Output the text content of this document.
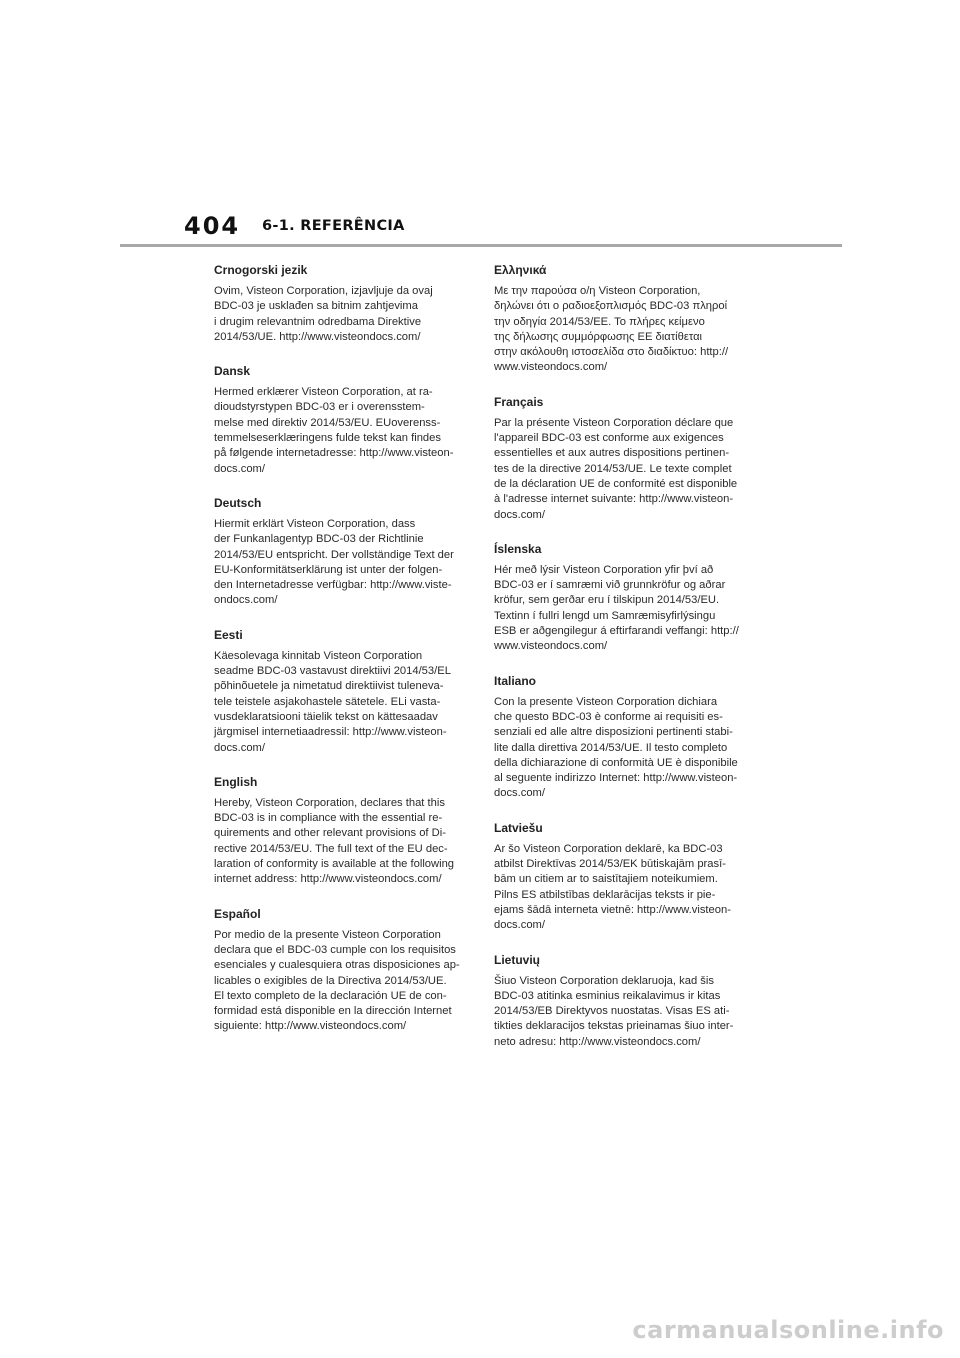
404 6-1. REFERÊNCIA
Crnogorski jezik

Ovim, Visteon Corporation, izjavljuje da ovaj
BDC-03 je usklađen sa bitnim zahtjevima
i drugim relevantnim odredbama Direktive
2014/53/UE. http://www.visteondocs.com/

Dansk

Hermed erklærer Visteon Corporation, at ra-
dioudstyrstypen BDC-03 er i overensstem-
melse med direktiv 2014/53/EU. EUoverenss-
temmelseserklæringens fulde tekst kan findes
på følgende internetadresse: http://www.visteon-
docs.com/

Deutsch

Hiermit erklärt Visteon Corporation, dass
der Funkanlagentyp BDC-03 der Richtlinie
2014/53/EU entspricht. Der vollständige Text der
EU-Konformitätserklärung ist unter der folgen-
den Internetadresse verfügbar: http://www.viste-
ondocs.com/

Eesti

Käesolevaga kinnitab Visteon Corporation
seadme BDC-03 vastavust direktiivi 2014/53/EL
põhinõuetele ja nimetatud direktiivist tuleneva-
tele teistele asjakohastele sätetele. ELi vasta-
vusdeklaratsiooni täielik tekst on kättesaadav
järgmisel internetiaadressil: http://www.visteon-
docs.com/

English

Hereby, Visteon Corporation, declares that this
BDC-03 is in compliance with the essential re-
quirements and other relevant provisions of Di-
rective 2014/53/EU. The full text of the EU dec-
laration of conformity is available at the following
internet address: http://www.visteondocs.com/

Español

Por medio de la presente Visteon Corporation
declara que el BDC-03 cumple con los requisitos
esenciales y cualesquiera otras disposiciones ap-
licables o exigibles de la Directiva 2014/53/UE.
El texto completo de la declaración UE de con-
formidad está disponible en la dirección Internet
siguiente: http://www.visteondocs.com/

Ελληνικά

Με την παρούσα ο/η Visteon Corporation,
δηλώνει ότι ο ραδιοεξοπλισμός BDC-03 πληροί
την οδηγία 2014/53/ΕΕ. Το πλήρες κείμενο
της δήλωσης συμμόρφωσης ΕΕ διατίθεται
στην ακόλουθη ιστοσελίδα στο διαδίκτυο: http://
www.visteondocs.com/

Français

Par la présente Visteon Corporation déclare que
l'appareil BDC-03 est conforme aux exigences
essentielles et aux autres dispositions pertinen-
tes de la directive 2014/53/UE. Le texte complet
de la déclaration UE de conformité est disponible
à l'adresse internet suivante: http://www.visteon-
docs.com/

Íslenska

Hér með lýsir Visteon Corporation yfir því að
BDC-03 er í samræmi við grunnkröfur og aðrar
kröfur, sem gerðar eru í tilskipun 2014/53/EU.
Textinn í fullri lengd um Samræmisyfirlýsingu
ESB er aðgengilegur á eftirfarandi veffangi: http://
www.visteondocs.com/

Italiano

Con la presente Visteon Corporation dichiara
che questo BDC-03 è conforme ai requisiti es-
senziali ed alle altre disposizioni pertinenti stabi-
lite dalla direttiva 2014/53/UE. Il testo completo
della dichiarazione di conformità UE è disponibile
al seguente indirizzo Internet: http://www.visteon-
docs.com/

Latviešu

Ar šo Visteon Corporation deklarē, ka BDC-03
atbilst Direktīvas 2014/53/EK būtiskajām prasī-
bām un citiem ar to saistītajiem noteikumiem.
Pilns ES atbilstības deklarācijas teksts ir pie-
ejams šādā interneta vietnē: http://www.visteon-
docs.com/

Lietuvių

Šiuo Visteon Corporation deklaruoja, kad šis
BDC-03 atitinka esminius reikalavimus ir kitas
2014/53/EB Direktyvos nuostatas. Visas ES ati-
tikties deklaracijos tekstas prieinamas šiuo inter-
neto adresu: http://www.visteondocs.com/

carmanualsonline.info
